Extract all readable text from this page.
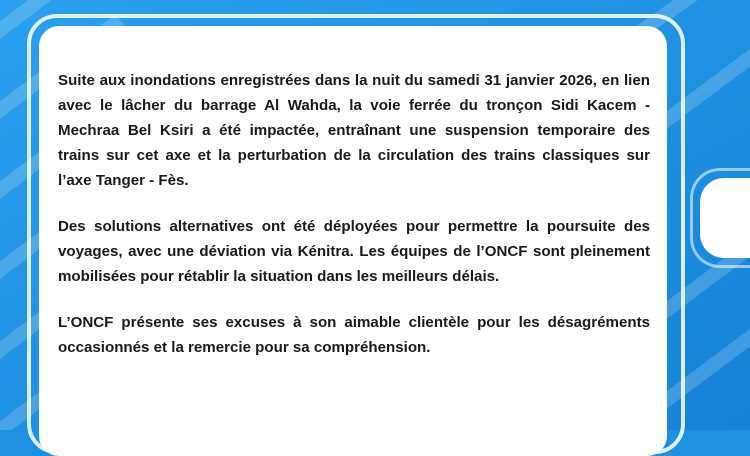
Suite aux inondations enregistrées dans la nuit du samedi 31 janvier 2026, en lien avec le lâcher du barrage Al Wahda, la voie ferrée du tronçon Sidi Kacem - Mechraa Bel Ksiri a été impactée, entraînant une suspension temporaire des trains sur cet axe et la perturbation de la circulation des trains classiques sur l’axe Tanger - Fès.

Des solutions alternatives ont été déployées pour permettre la poursuite des voyages, avec une déviation via Kénitra. Les équipes de l’ONCF sont pleinement mobilisées pour rétablir la situation dans les meilleurs délais.

L’ONCF présente ses excuses à son aimable clientèle pour les désagréments occasionnés et la remercie pour sa compréhension.
